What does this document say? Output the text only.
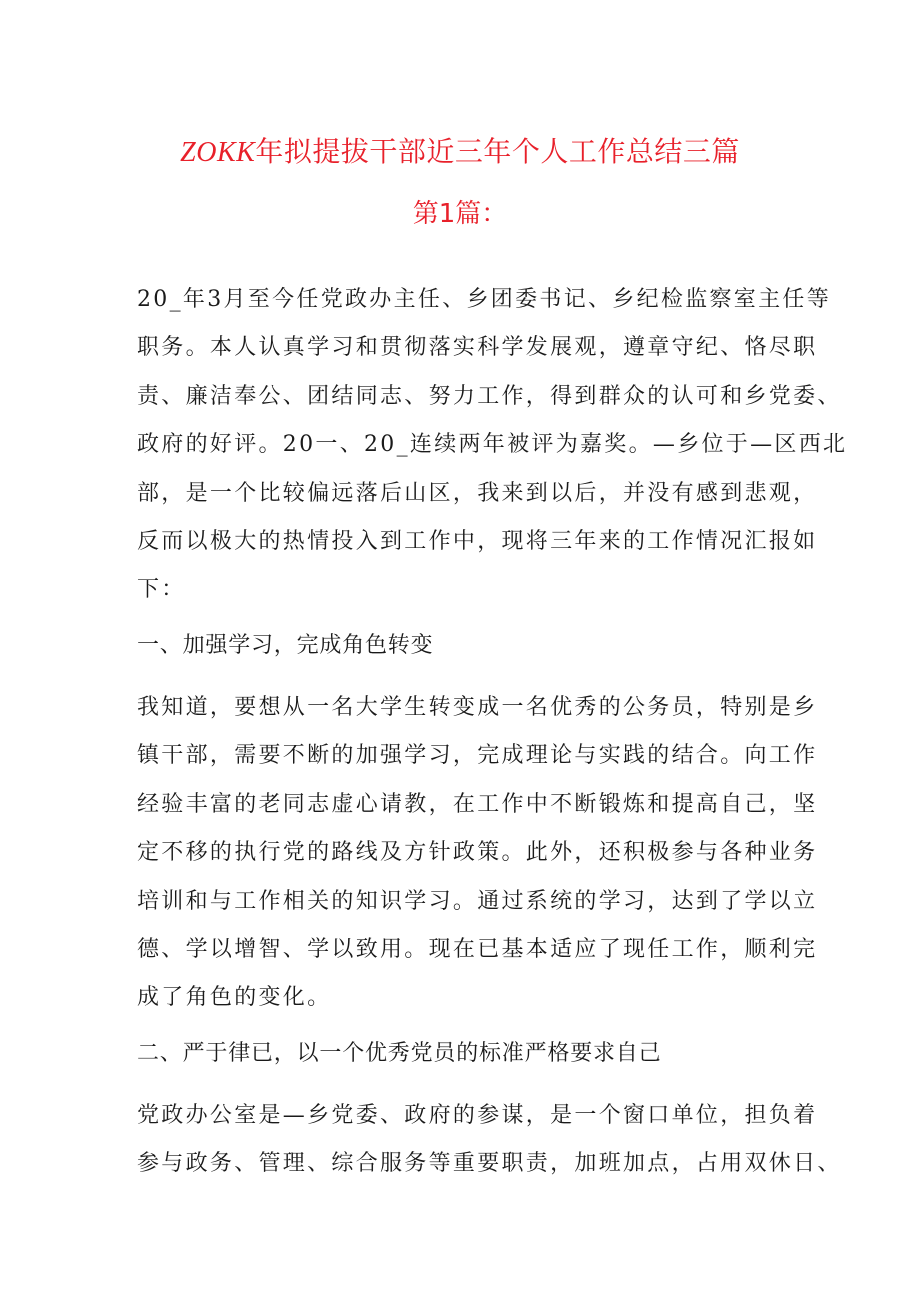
ZOKK年拟提拔干部近三年个人工作总结三篇
第1篇：
20_年3月至今任党政办主任、乡团委书记、乡纪检监察室主任等
职务。本人认真学习和贯彻落实科学发展观，遵章守纪、恪尽职
责、廉洁奉公、团结同志、努力工作，得到群众的认可和乡党委、
政府的好评。20一、20_连续两年被评为嘉奖。—乡位于—区西北
部，是一个比较偏远落后山区，我来到以后，并没有感到悲观，
反而以极大的热情投入到工作中，现将三年来的工作情况汇报如
下：
一、加强学习，完成角色转变
我知道，要想从一名大学生转变成一名优秀的公务员，特别是乡
镇干部，需要不断的加强学习，完成理论与实践的结合。向工作
经验丰富的老同志虚心请教，在工作中不断锻炼和提高自己，坚
定不移的执行党的路线及方针政策。此外，还积极参与各种业务
培训和与工作相关的知识学习。通过系统的学习，达到了学以立
德、学以增智、学以致用。现在已基本适应了现任工作，顺利完
成了角色的变化。
二、严于律已，以一个优秀党员的标准严格要求自己
党政办公室是—乡党委、政府的参谋，是一个窗口单位，担负着
参与政务、管理、综合服务等重要职责，加班加点，占用双休日、
